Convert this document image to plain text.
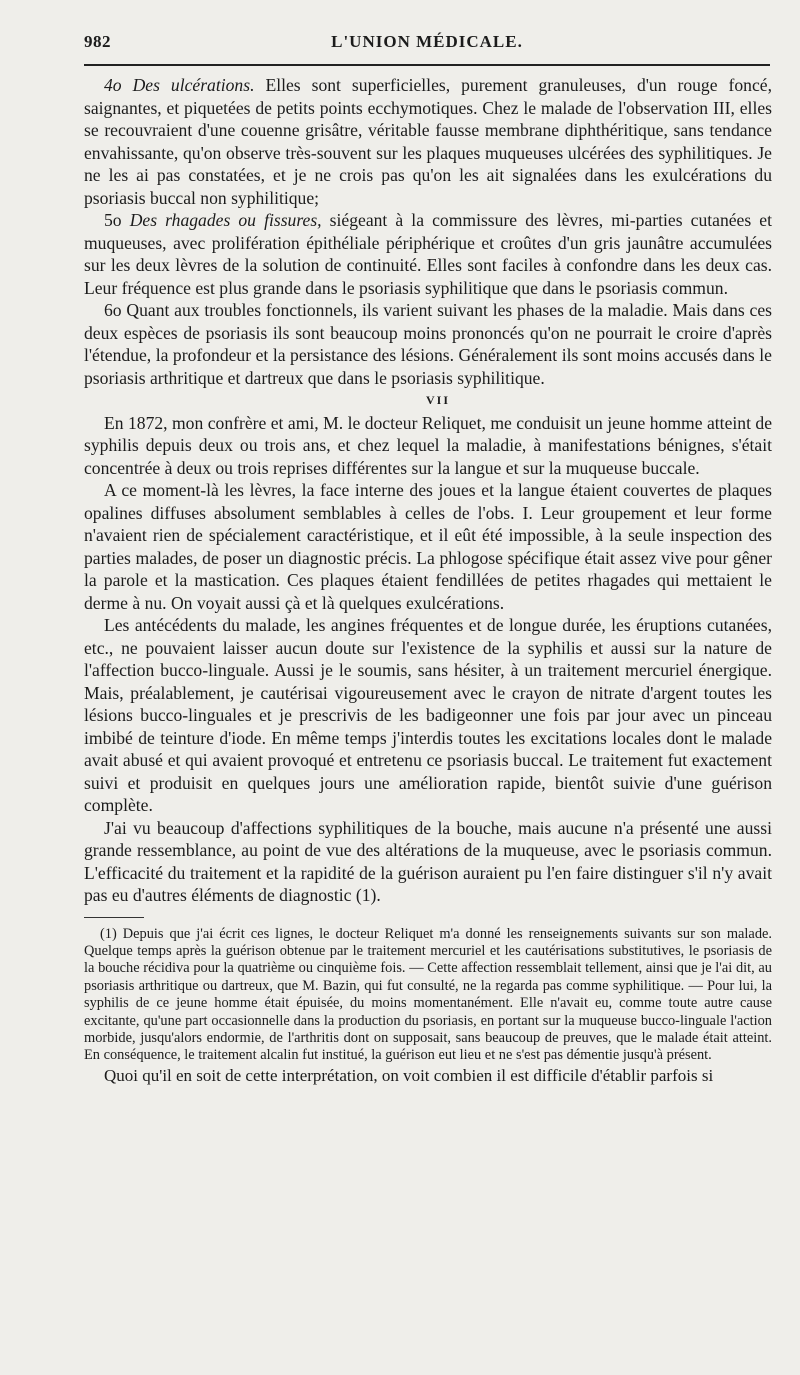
982	L'UNION MÉDICALE.

4o Des ulcérations. Elles sont superficielles, purement granuleuses, d'un rouge foncé, saignantes, et piquetées de petits points ecchymotiques. Chez le malade de l'observation III, elles se recouvraient d'une couenne grisâtre, véritable fausse membrane diphthéritique, sans tendance envahissante, qu'on observe très-souvent sur les plaques muqueuses ulcérées des syphilitiques. Je ne les ai pas constatées, et je ne crois pas qu'on les ait signalées dans les exulcérations du psoriasis buccal non syphilitique;

5o Des rhagades ou fissures, siégeant à la commissure des lèvres, mi-parties cutanées et muqueuses, avec prolifération épithéliale périphérique et croûtes d'un gris jaunâtre accumulées sur les deux lèvres de la solution de continuité. Elles sont faciles à confondre dans les deux cas. Leur fréquence est plus grande dans le psoriasis syphilitique que dans le psoriasis commun.

6o Quant aux troubles fonctionnels, ils varient suivant les phases de la maladie. Mais dans ces deux espèces de psoriasis ils sont beaucoup moins prononcés qu'on ne pourrait le croire d'après l'étendue, la profondeur et la persistance des lésions. Généralement ils sont moins accusés dans le psoriasis arthritique et dartreux que dans le psoriasis syphilitique.

VII

En 1872, mon confrère et ami, M. le docteur Reliquet, me conduisit un jeune homme atteint de syphilis depuis deux ou trois ans, et chez lequel la maladie, à manifestations bénignes, s'était concentrée à deux ou trois reprises différentes sur la langue et sur la muqueuse buccale.

A ce moment-là les lèvres, la face interne des joues et la langue étaient couvertes de plaques opalines diffuses absolument semblables à celles de l'obs. I. Leur groupement et leur forme n'avaient rien de spécialement caractéristique, et il eût été impossible, à la seule inspection des parties malades, de poser un diagnostic précis. La phlogose spécifique était assez vive pour gêner la parole et la mastication. Ces plaques étaient fendillées de petites rhagades qui mettaient le derme à nu. On voyait aussi çà et là quelques exulcérations.

Les antécédents du malade, les angines fréquentes et de longue durée, les éruptions cutanées, etc., ne pouvaient laisser aucun doute sur l'existence de la syphilis et aussi sur la nature de l'affection bucco-linguale. Aussi je le soumis, sans hésiter, à un traitement mercuriel énergique. Mais, préalablement, je cautérisai vigoureusement avec le crayon de nitrate d'argent toutes les lésions bucco-linguales et je prescrivis de les badigeonner une fois par jour avec un pinceau imbibé de teinture d'iode. En même temps j'interdis toutes les excitations locales dont le malade avait abusé et qui avaient provoqué et entretenu ce psoriasis buccal. Le traitement fut exactement suivi et produisit en quelques jours une amélioration rapide, bientôt suivie d'une guérison complète.

J'ai vu beaucoup d'affections syphilitiques de la bouche, mais aucune n'a présenté une aussi grande ressemblance, au point de vue des altérations de la muqueuse, avec le psoriasis commun. L'efficacité du traitement et la rapidité de la guérison auraient pu l'en faire distinguer s'il n'y avait pas eu d'autres éléments de diagnostic (1).

(1) Depuis que j'ai écrit ces lignes, le docteur Reliquet m'a donné les renseignements suivants sur son malade. Quelque temps après la guérison obtenue par le traitement mercuriel et les cautérisations substitutives, le psoriasis de la bouche récidiva pour la quatrième ou cinquième fois. — Cette affection ressemblait tellement, ainsi que je l'ai dit, au psoriasis arthritique ou dartreux, que M. Bazin, qui fut consulté, ne la regarda pas comme syphilitique. — Pour lui, la syphilis de ce jeune homme était épuisée, du moins momentanément. Elle n'avait eu, comme toute autre cause excitante, qu'une part occasionnelle dans la production du psoriasis, en portant sur la muqueuse bucco-linguale l'action morbide, jusqu'alors endormie, de l'arthritis dont on supposait, sans beaucoup de preuves, que le malade était atteint. En conséquence, le traitement alcalin fut institué, la guérison eut lieu et ne s'est pas démentie jusqu'à présent.

Quoi qu'il en soit de cette interprétation, on voit combien il est difficile d'établir parfois si
